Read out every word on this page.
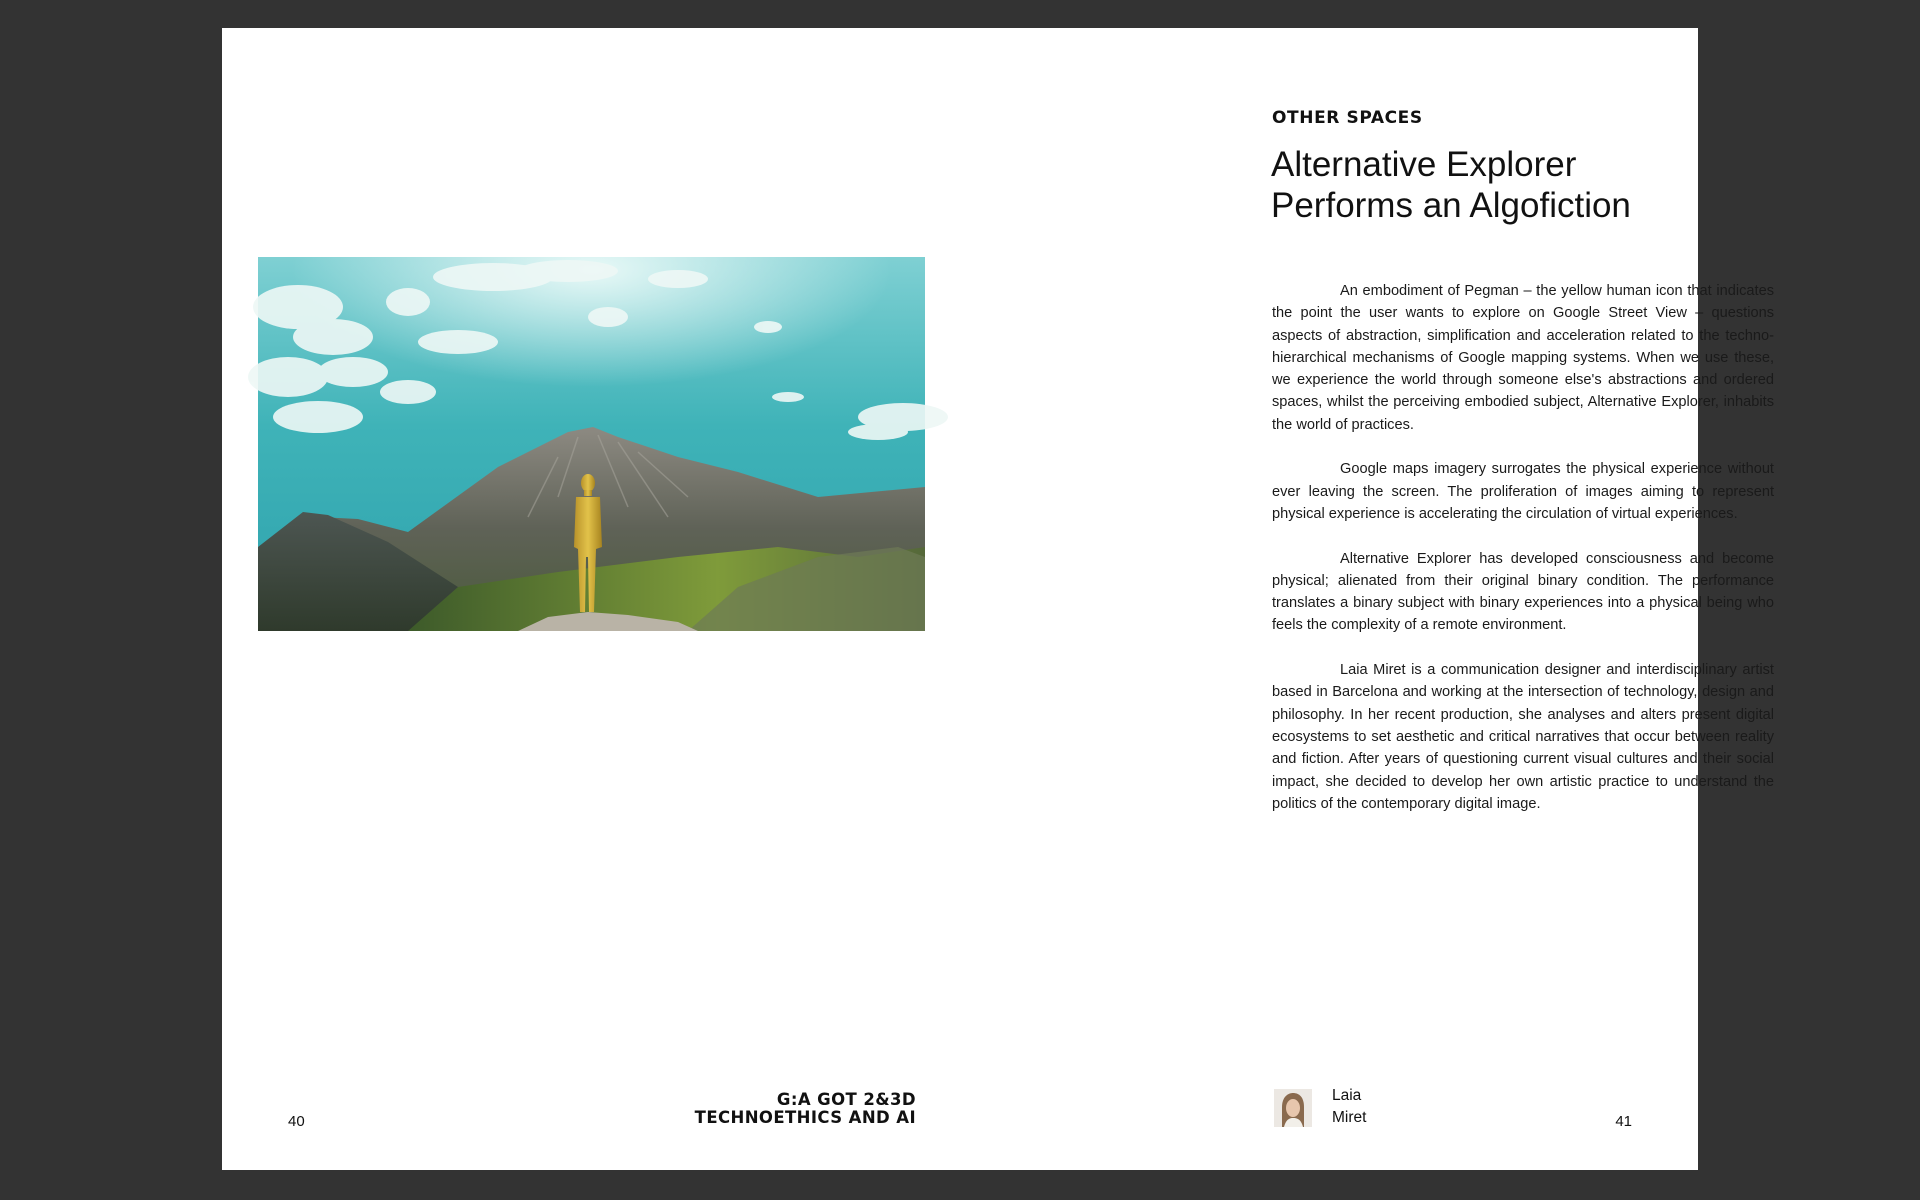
40
G:A GOT 2&3D
TECHNOETHICS AND AI
OTHER SPACES
Alternative Explorer
Performs an Algofiction

An embodiment of Pegman – the yellow human icon that indicates the point the user wants to explore on Google Street View – questions aspects of abstraction, simplification and acceleration related to the techno-hierarchical mechanisms of Google mapping systems. When we use these, we experience the world through someone else's abstractions and ordered spaces, whilst the perceiving embodied subject, Alternative Explorer, inhabits the world of practices.

Google maps imagery surrogates the physical experience without ever leaving the screen. The proliferation of images aiming to represent physical experience is accelerating the circulation of virtual experiences.

Alternative Explorer has developed consciousness and become physical; alienated from their original binary condition. The performance translates a binary subject with binary experiences into a physical being who feels the complexity of a remote environment.

Laia Miret is a communication designer and interdisciplinary artist based in Barcelona and working at the intersection of technology, design and philosophy. In her recent production, she analyses and alters present digital ecosystems to set aesthetic and critical narratives that occur between reality and fiction. After years of questioning current visual cultures and their social impact, she decided to develop her own artistic practice to understand the politics of the contemporary digital image.

Laia
Miret	41
